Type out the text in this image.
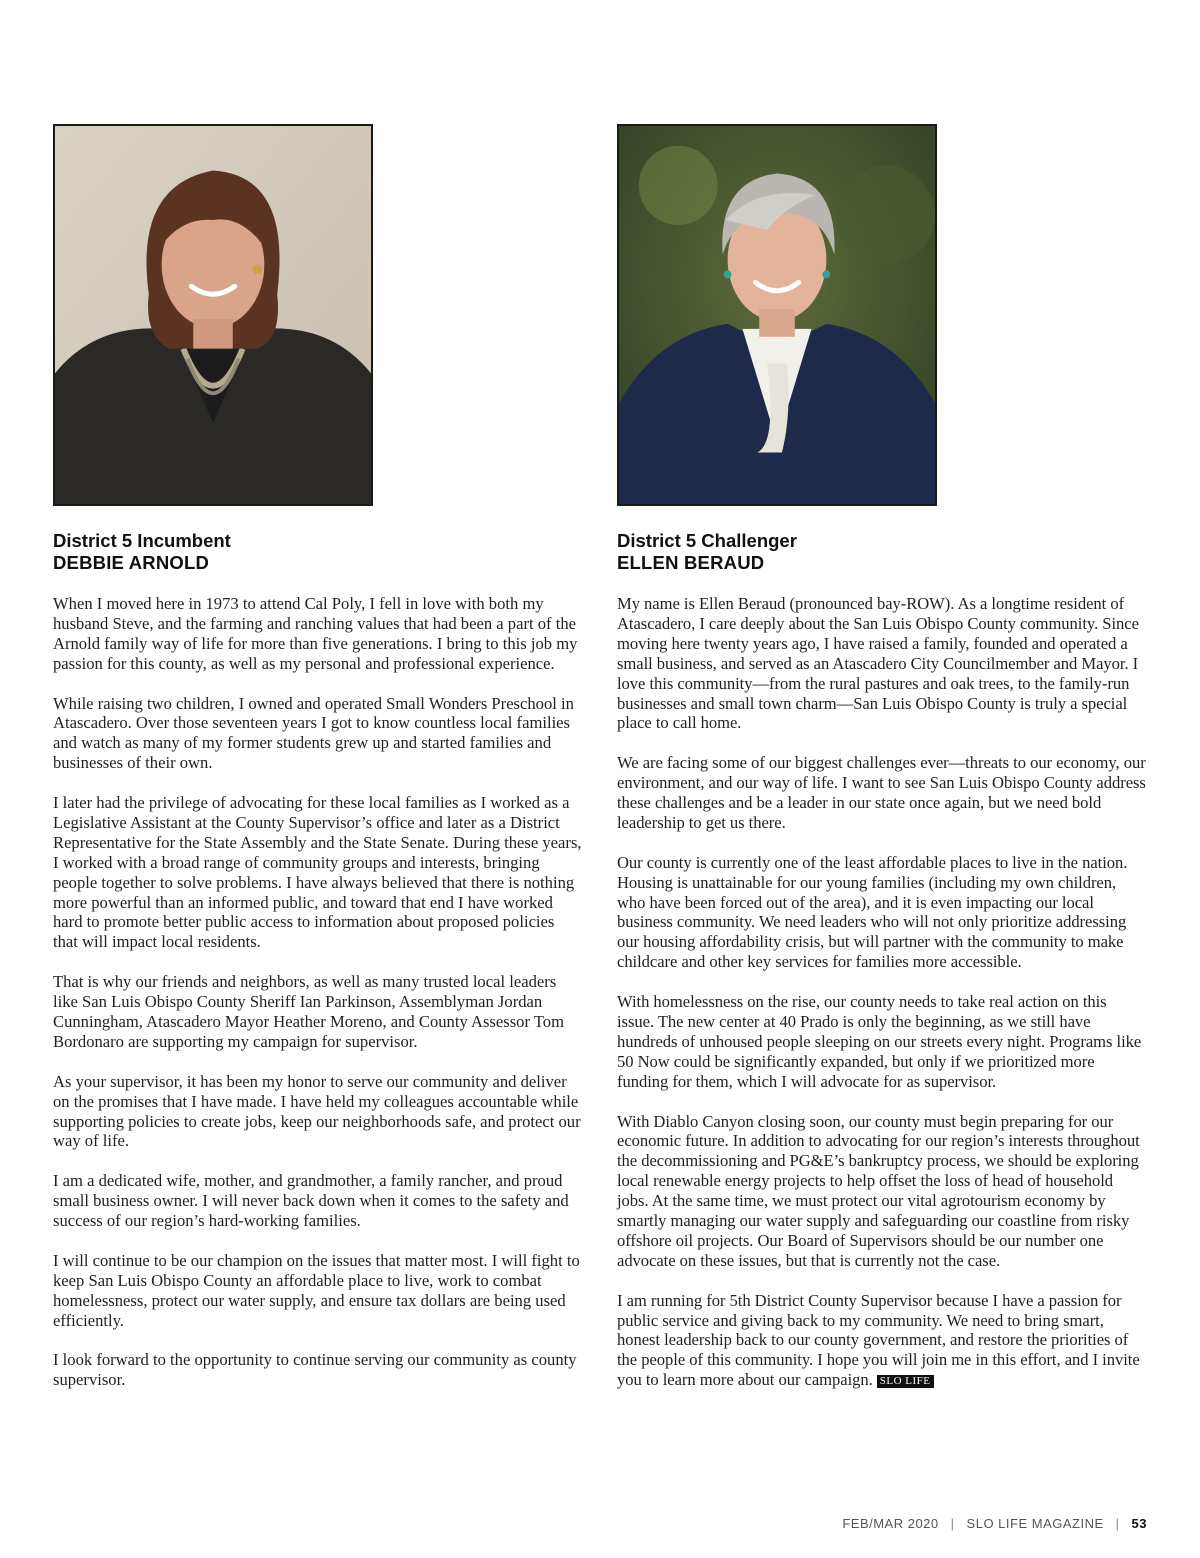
District 5 Incumbent
DEBBIE ARNOLD

When I moved here in 1973 to attend Cal Poly, I fell in love with both my husband Steve, and the farming and ranching values that had been a part of the Arnold family way of life for more than five generations. I bring to this job my passion for this county, as well as my personal and professional experience.

While raising two children, I owned and operated Small Wonders Preschool in Atascadero. Over those seventeen years I got to know countless local families and watch as many of my former students grew up and started families and businesses of their own.

I later had the privilege of advocating for these local families as I worked as a Legislative Assistant at the County Supervisor’s office and later as a District Representative for the State Assembly and the State Senate. During these years, I worked with a broad range of community groups and interests, bringing people together to solve problems. I have always believed that there is nothing more powerful than an informed public, and toward that end I have worked hard to promote better public access to information about proposed policies that will impact local residents.

That is why our friends and neighbors, as well as many trusted local leaders like San Luis Obispo County Sheriff Ian Parkinson, Assemblyman Jordan Cunningham, Atascadero Mayor Heather Moreno, and County Assessor Tom Bordonaro are supporting my campaign for supervisor.

As your supervisor, it has been my honor to serve our community and deliver on the promises that I have made. I have held my colleagues accountable while supporting policies to create jobs, keep our neighborhoods safe, and protect our way of life.

I am a dedicated wife, mother, and grandmother, a family rancher, and proud small business owner. I will never back down when it comes to the safety and success of our region’s hard-working families.

I will continue to be our champion on the issues that matter most. I will fight to keep San Luis Obispo County an affordable place to live, work to combat homelessness, protect our water supply, and ensure tax dollars are being used efficiently.

I look forward to the opportunity to continue serving our community as county supervisor.

District 5 Challenger
ELLEN BERAUD

My name is Ellen Beraud (pronounced bay-ROW). As a longtime resident of Atascadero, I care deeply about the San Luis Obispo County community. Since moving here twenty years ago, I have raised a family, founded and operated a small business, and served as an Atascadero City Councilmember and Mayor. I love this community—from the rural pastures and oak trees, to the family-run businesses and small town charm—San Luis Obispo County is truly a special place to call home.

We are facing some of our biggest challenges ever—threats to our economy, our environment, and our way of life. I want to see San Luis Obispo County address these challenges and be a leader in our state once again, but we need bold leadership to get us there.

Our county is currently one of the least affordable places to live in the nation. Housing is unattainable for our young families (including my own children, who have been forced out of the area), and it is even impacting our local business community. We need leaders who will not only prioritize addressing our housing affordability crisis, but will partner with the community to make childcare and other key services for families more accessible.

With homelessness on the rise, our county needs to take real action on this issue. The new center at 40 Prado is only the beginning, as we still have hundreds of unhoused people sleeping on our streets every night. Programs like 50 Now could be significantly expanded, but only if we prioritized more funding for them, which I will advocate for as supervisor.

With Diablo Canyon closing soon, our county must begin preparing for our economic future. In addition to advocating for our region’s interests throughout the decommissioning and PG&E’s bankruptcy process, we should be exploring local renewable energy projects to help offset the loss of head of household jobs. At the same time, we must protect our vital agrotourism economy by smartly managing our water supply and safeguarding our coastline from risky offshore oil projects. Our Board of Supervisors should be our number one advocate on these issues, but that is currently not the case.

I am running for 5th District County Supervisor because I have a passion for public service and giving back to my community. We need to bring smart, honest leadership back to our county government, and restore the priorities of the people of this community. I hope you will join me in this effort, and I invite you to learn more about our campaign. SLO LIFE

FEB/MAR 2020 | SLO LIFE MAGAZINE | 53
